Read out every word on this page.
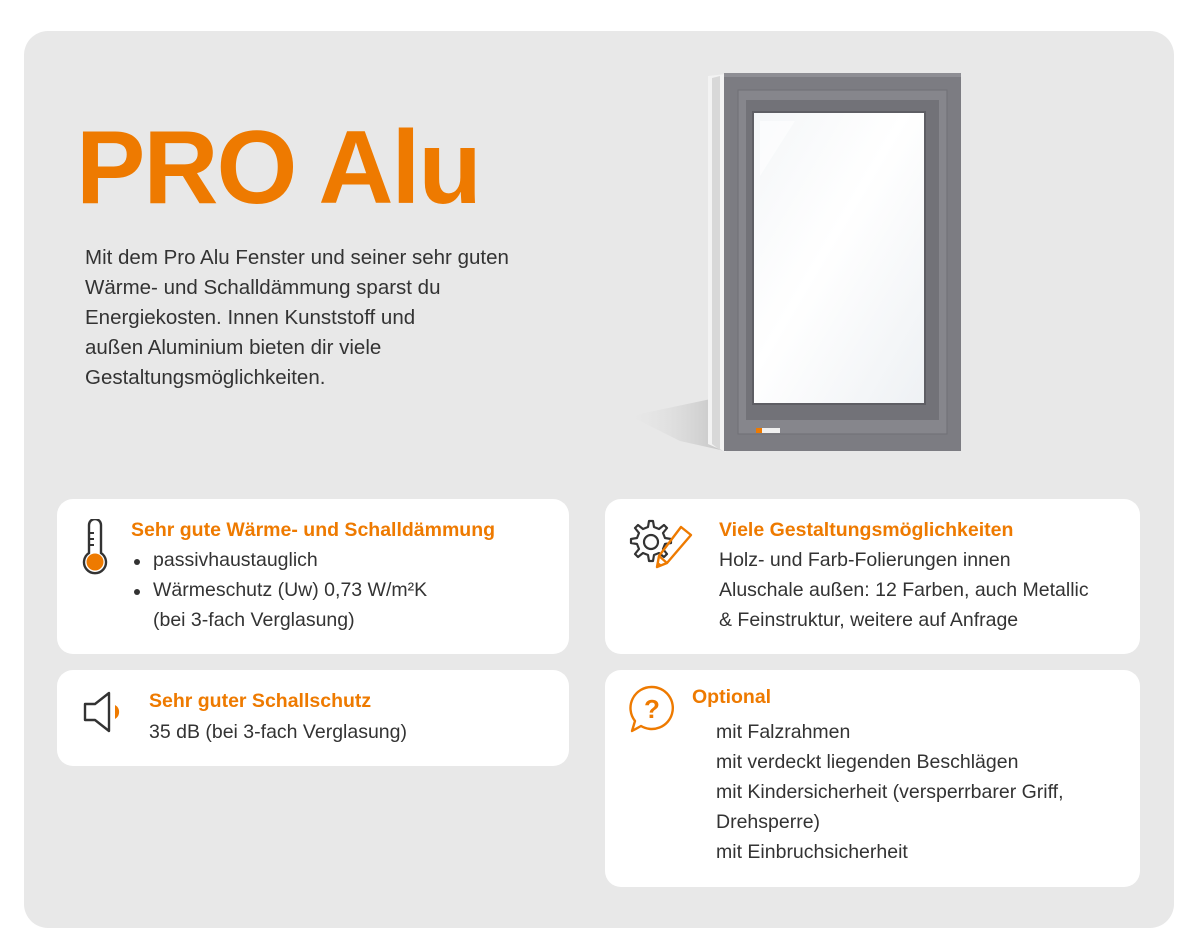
PRO Alu

Mit dem Pro Alu Fenster und seiner sehr guten
Wärme- und Schalldämmung sparst du
Energiekosten. Innen Kunststoff und
außen Aluminium bieten dir viele
Gestaltungsmöglichkeiten.

Sehr gute Wärme- und Schalldämmung
passivhaustauglich
Wärmeschutz (Uw) 0,73 W/m²K
(bei 3-fach Verglasung)
Viele Gestaltungsmöglichkeiten
Holz- und Farb-Folierungen innen
Aluschale außen: 12 Farben, auch Metallic
& Feinstruktur, weitere auf Anfrage
Sehr guter Schallschutz
35 dB (bei 3-fach Verglasung)
? Optional
mit Falzrahmen
mit verdeckt liegenden Beschlägen
mit Kindersicherheit (versperrbarer Griff,
Drehsperre)
mit Einbruchsicherheit
